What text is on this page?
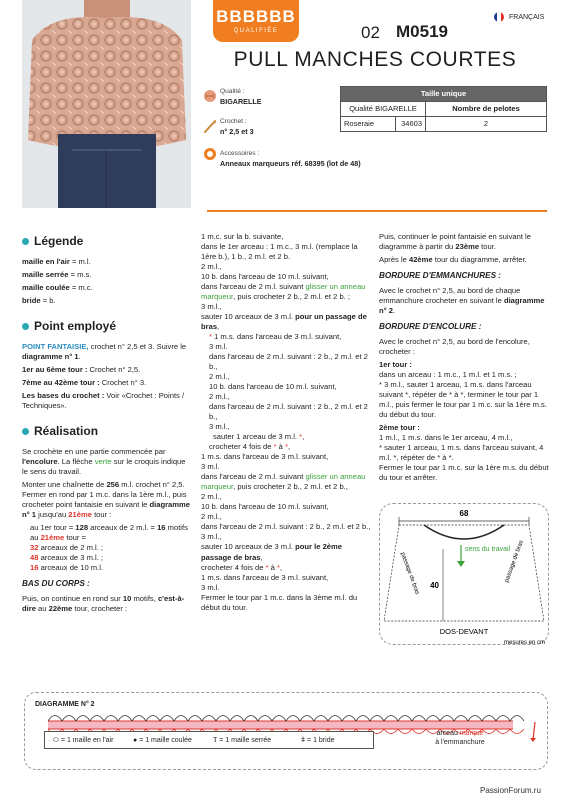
BBBBBB
QUALIFIÉE
FRANÇAIS
02 M0519
PULL MANCHES COURTES
Qualité :
BIGARELLE
Crochet :
n° 2,5 et 3
Accessoires :
Anneaux marqueurs réf. 68395 (lot de 48)
Taille unique		
Qualité BIGARELLE		Nombre de pelotes
Roseraie	34603	2
Légende

maille en l'air = m.l.

maille serrée = m.s.

maille coulée = m.c.

bride = b.

Point employé

POINT FANTAISIE, crochet n° 2,5 et 3. Suivre le diagramme n° 1.

1er au 6ème tour : Crochet n° 2,5.

7ème au 42ème tour : Crochet n° 3.

Les bases du crochet : Voir «Crochet : Points / Techniques».

Réalisation

Se crochète en une partie commencée par l'encolure. La flèche verte sur le croquis indique le sens du travail.

Monter une chaînette de 256 m.l. crochet n° 2,5. Fermer en rond par 1 m.c. dans la 1ère m.l., puis crocheter point fantaisie en suivant le diagramme n° 1 jusqu'au 21ème tour :

au 1er tour = 128 arceaux de 2 m.l. = 16 motifs
au 21ème tour =
32 arceaux de 2 m.l. ;
48 arceaux de 3 m.l. ;
16 arceaux de 10 m.l.
BAS DU CORPS :

Puis, on continue en rond sur 10 motifs, c'est-à-dire au 22ème tour, crocheter :

1 m.c. sur la b. suivante,
dans le 1er arceau : 1 m.c., 3 m.l. (remplace la 1ère b.), 1 b., 2 m.l. et 2 b.
2 m.l.,
10 b. dans l'arceau de 10 m.l. suivant,
dans l'arceau de 2 m.l. suivant glisser un anneau marqueur, puis crocheter 2 b., 2 m.l. et 2 b. ;
3 m.l.,
sauter 10 arceaux de 3 m.l. pour un passage de bras,
* 1 m.s. dans l'arceau de 3 m.l. suivant,
3 m.l.
dans l'arceau de 2 m.l. suivant : 2 b., 2 m.l. et 2 b.,
2 m.l.,
10 b. dans l'arceau de 10 m.l. suivant,
2 m.l.,
dans l'arceau de 2 m.l. suivant : 2 b., 2 m.l. et 2 b.,
3 m.l.,
sauter 1 arceau de 3 m.l. *,
crocheter 4 fois de * à *,
1 m.s. dans l'arceau de 3 m.l. suivant,
3 m.l.
dans l'arceau de 2 m.l. suivant glisser un anneau marqueur, puis crocheter 2 b., 2 m.l. et 2 b.,
2 m.l.,
10 b. dans l'arceau de 10 m.l. suivant,
2 m.l.,
dans l'arceau de 2 m.l. suivant : 2 b., 2 m.l. et 2 b.,
3 m.l.,
sauter 10 arceaux de 3 m.l. pour le 2ème passage de bras,
crocheter 4 fois de * à *,
1 m.s. dans l'arceau de 3 m.l. suivant,
3 m.l.
Fermer le tour par 1 m.c. dans la 3ème m.l. du début du tour.

Puis, continuer le point fantaisie en suivant le diagramme à partir du 23ème tour.

Après le 42ème tour du diagramme, arrêter.

BORDURE D'EMMANCHURES :

Avec le crochet n° 2,5, au bord de chaque emmanchure crocheter en suivant le diagramme n° 2.

BORDURE D'ENCOLURE :

Avec le crochet n° 2,5, au bord de l'encolure, crocheter :

1er tour :
dans un arceau : 1 m.c., 1 m.l. et 1 m.s. ;

* 3 m.l., sauter 1 arceau, 1 m.s. dans l'arceau suivant *, répéter de * à *, terminer le tour par 1 m.l., puis fermer le tour par 1 m.c. sur la 1ère m.s. du début du tour.

2ème tour :
1 m.l., 1 m.s. dans le 1er arceau, 4 m.l.,
* sauter 1 arceau, 1 m.s. dans l'arceau suivant, 4 m.l. *, répéter de * à *.
Fermer le tour par 1 m.c. sur la 1ère m.s. du début du tour et arrêter.
68
40
sens du travail
passage de bras	passage de bras
DOS-DEVANT
mesures en cm
DIAGRAMME N° 2
⬭ = 1 maille en l'air	● = 1 maille coulée	Ⲧ = 1 maille serrée	ǂ = 1 bride
arceau marqué
à l'emmanchure
PassionForum.ru
